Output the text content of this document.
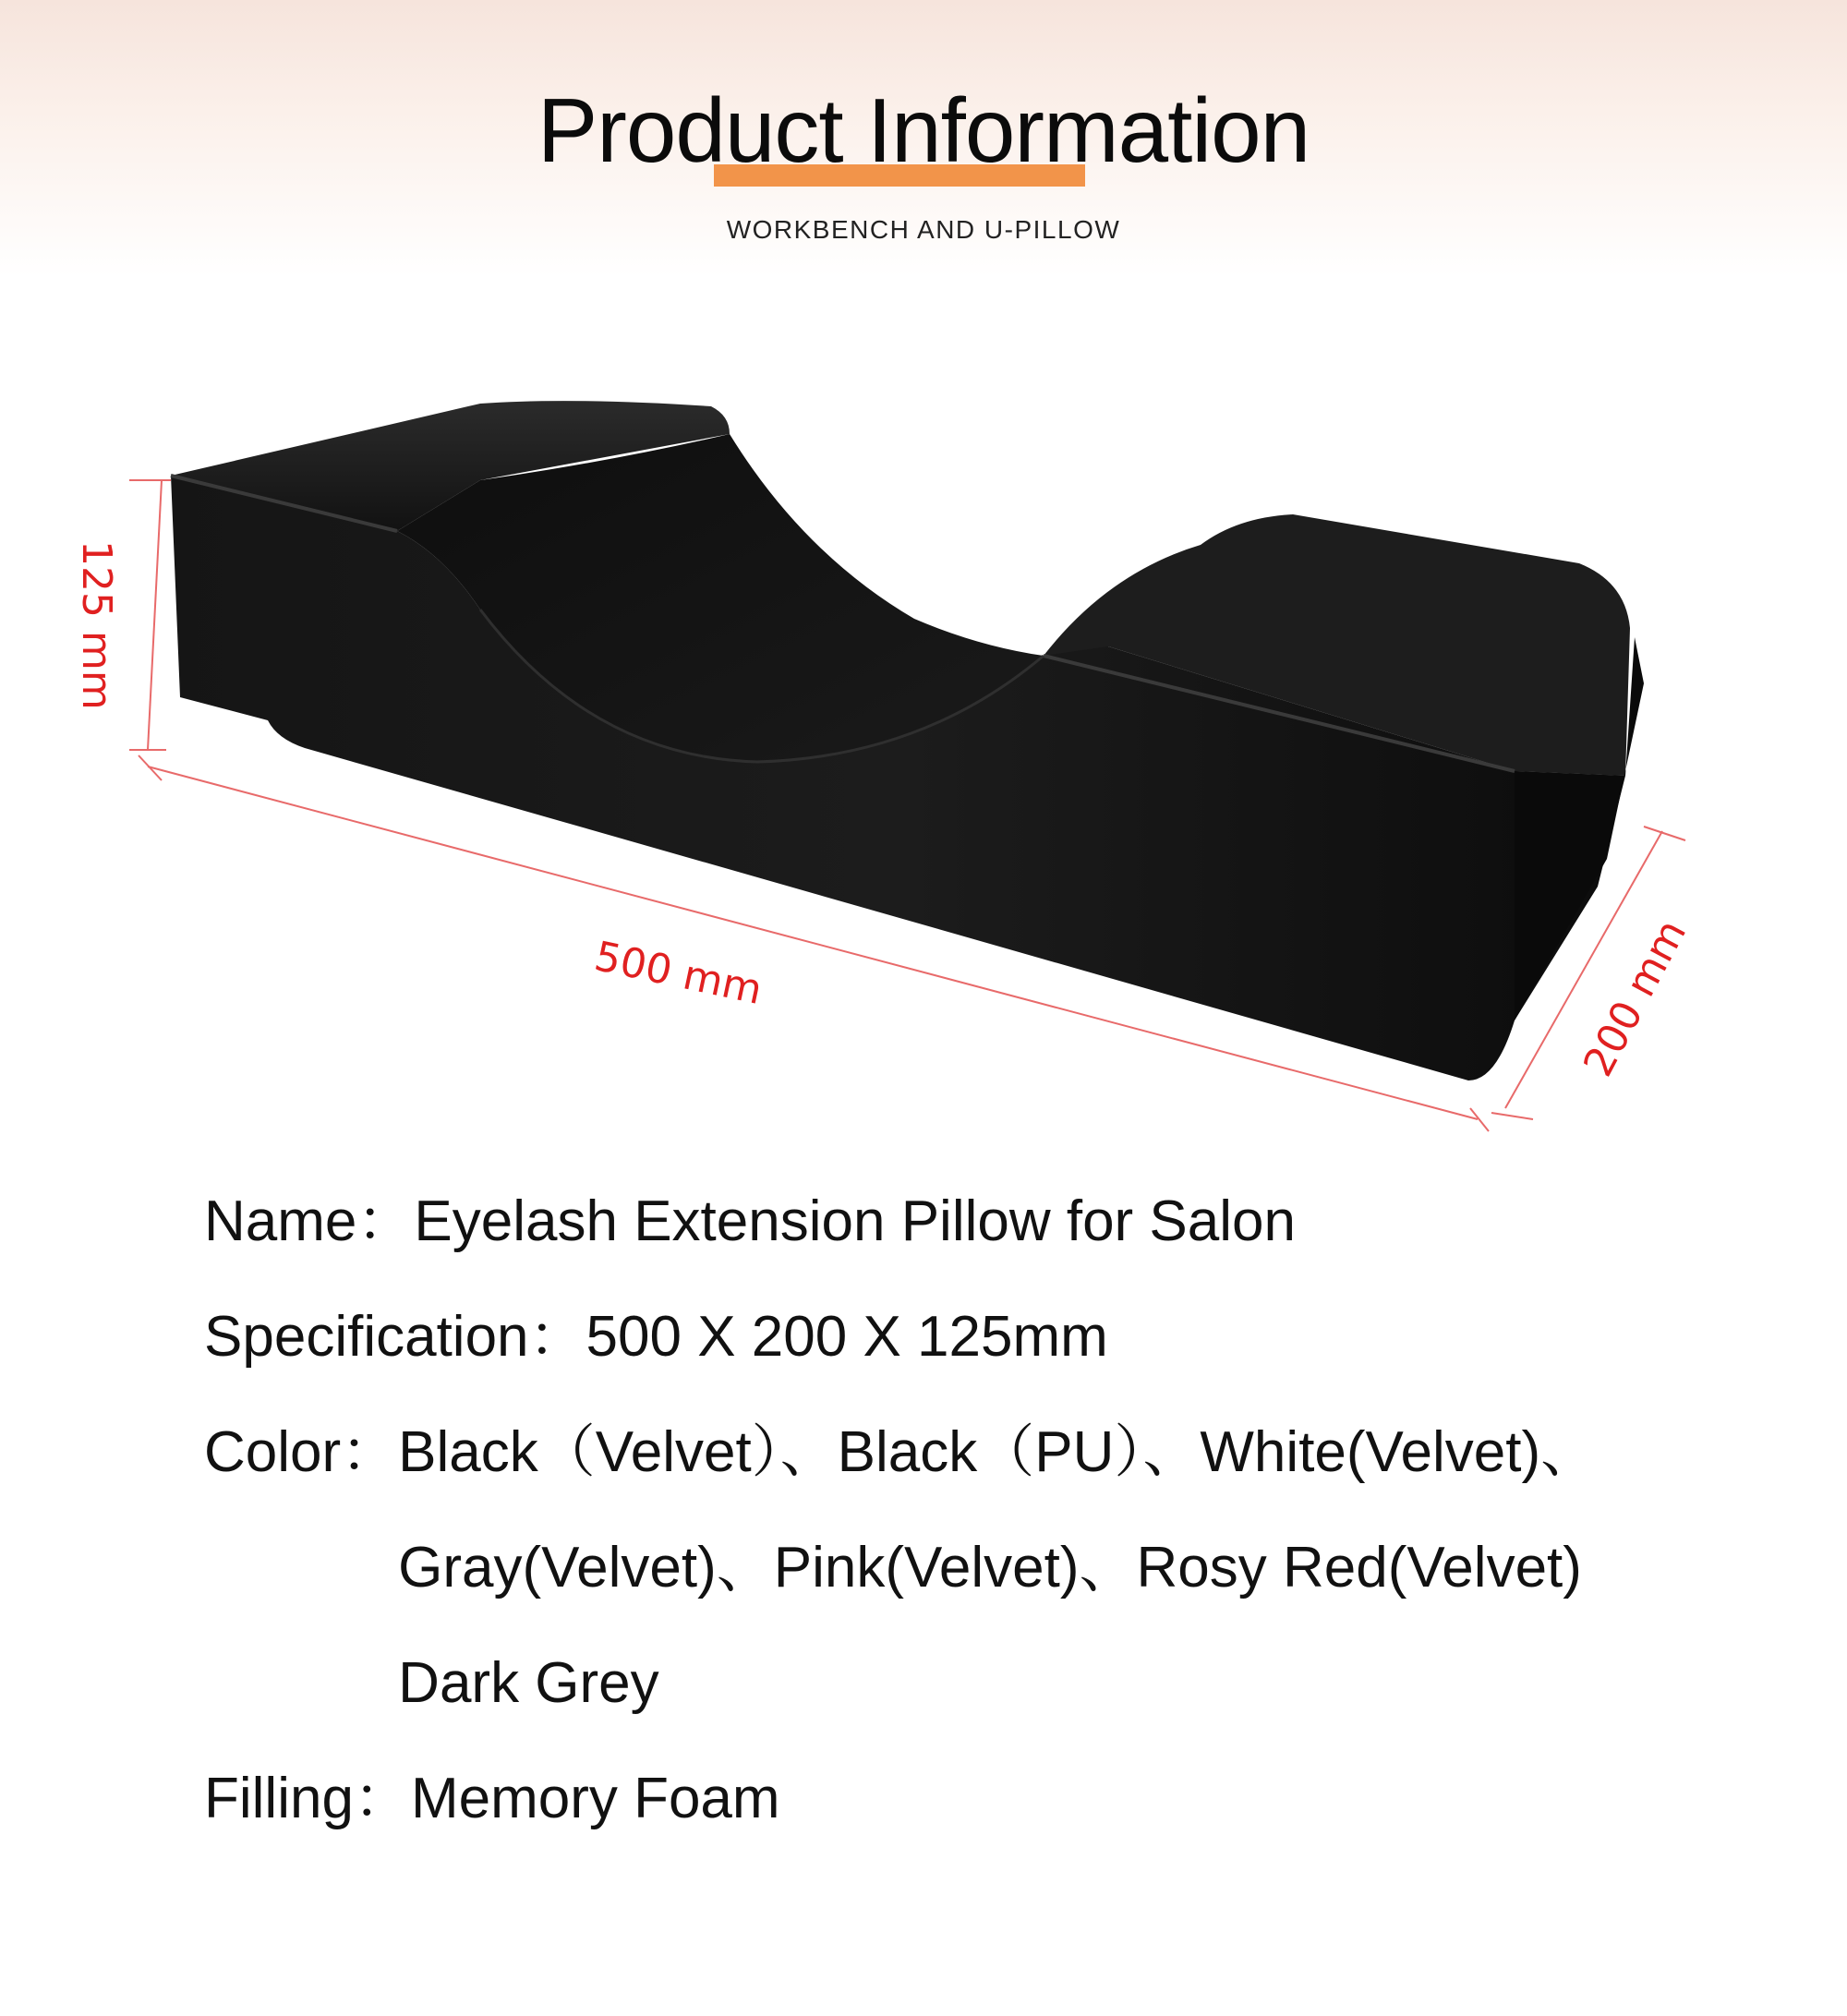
Product Information
WORKBENCH AND U-PILLOW
125 mm
500 mm	200 mm
Name： Eyelash Extension Pillow for Salon
Specification： 500 X 200 X 125mm
Color： Black（Velvet）、Black（PU）、White(Velvet)、
Gray(Velvet)、Pink(Velvet)、Rosy Red(Velvet)
Dark Grey
Filling： Memory Foam
